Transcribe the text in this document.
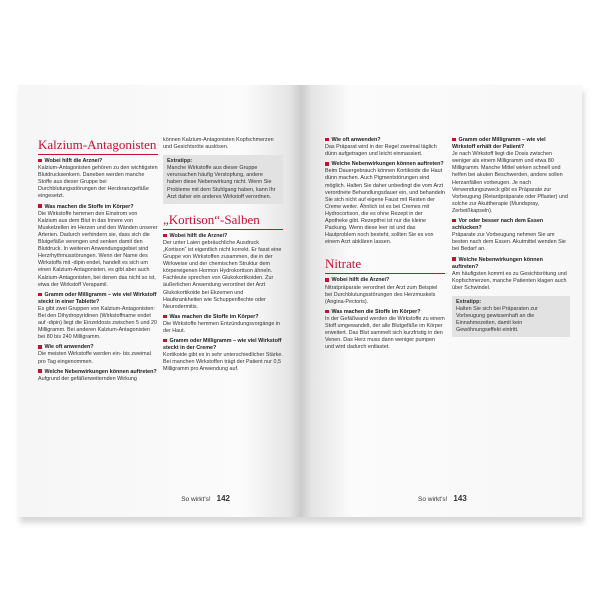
Kalzium-Antagonisten
Wobei hilft die Arznei?

Kalzium-Antagonisten gehören zu den wichtigsten Blutdrucksenkern. Daneben werden manche Stoffe aus dieser Gruppe bei Durchblutungsstörungen der Herzkranzgefäße eingesetzt.

Was machen die Stoffe im Körper?

Die Wirkstoffe hemmen den Einstrom von Kalzium aus dem Blut in das Innere von Muskelzellen im Herzen und den Wänden unserer Arterien. Dadurch verhindern sie, dass sich die Blutgefäße verengen und senken damit den Blutdruck. In weiteren Anwendungsgebiet sind Herzrhythmusstörungen. Wenn der Name des Wirkstoffs mit -dipin endet, handelt es sich um einen Kalzium-Antagonisten, es gibt aber auch Kalzium-Antagonisten, bei denen das nicht so ist, etwa der Wirkstoff Verapamil.

Gramm oder Milligramm – wie viel Wirkstoff steckt in einer Tablette?

Es gibt zwei Gruppen von Kalzium-Antagonisten: Bei den Dihydropyridinen (Wirkstoffname endet auf -dipin) liegt die Einzeldosis zwischen 5 und 20 Milligramm. Bei anderen Kalzium-Antagonisten bei 80 bis 240 Milligramm.

Wie oft anwenden?

Die meisten Wirkstoffe werden ein- bis zweimal pro Tag eingenommen.

Welche Nebenwirkungen können auftreten?

Aufgrund der gefäßerweiternden Wirkung

können Kalzium-Antagonisten Kopfschmerzen und Gesichtsröte auslösen.

Extratipp:
Manche Wirkstoffe aus dieser Gruppe verursachen häufig Verstopfung, andere haben diese Nebenwirkung nicht. Wenn Sie Probleme mit dem Stuhlgang haben, kann Ihr Arzt daher ein anderes Wirkstoff verordnen.
„Kortison“-Salben
Wobei hilft die Arznei?

Der unter Laien gebräuchliche Ausdruck „Kortison“ ist eigentlich nicht korrekt. Er fasst eine Gruppe von Wirkstoffen zusammen, die in der Wirkweise und der chemischen Struktur dem körpereigenen Hormon Hydrokortison ähneln. Fachleute sprechen von Glukokortikoiden. Zur äußerlichen Anwendung verordnet der Arzt Glukokortikoide bei Ekzemen und Hautkrankheiten wie Schuppenflechte oder Neurodermitis.

Was machen die Stoffe im Körper?

Die Wirkstoffe hemmen Entzündungsvorgänge in der Haut.

Gramm oder Milligramm – wie viel Wirkstoff steckt in der Creme?

Kortikoide gibt es in sehr unterschiedlicher Stärke. Bei manchen Wirkstoffen trägt der Patient nur 0,5 Milligramm pro Anwendung auf.

So wirkt's! 142
Wie oft anwenden?

Das Präparat wird in der Regel zweimal täglich dünn aufgetragen und leicht einmassiert.

Welche Nebenwirkungen können auftreten?

Beim Dauergebrauch können Kortikoide die Haut dünn machen. Auch Pigmentstörungen sind möglich. Halten Sie daher unbedingt die vom Arzt verordnete Behandlungsdauer ein, und behandeln Sie sich nicht auf eigene Faust mit Resten der Creme weiter. Ähnlich ist es bei Cremes mit Hydrocortison, die es ohne Rezept in der Apotheke gibt. Rezeptfrei ist nur die kleine Packung. Wenn diese leer ist und das Hautproblem noch besteht, sollten Sie es von einem Arzt abklären lassen.

Nitrate
Wobei hilft die Arznei?

Nitratpräparate verordnet der Arzt zum Beispiel bei Durchblutungsstörungen des Herzmuskels (Angina-Pectoris).

Was machen die Stoffe im Körper?

In der Gefäßwand werden die Wirkstoffe zu einem Stoff umgewandelt, der alle Blutgefäße im Körper erweitert. Das Blut sammelt sich kurzfristig in den Venen. Das Herz muss dann weniger pumpen und wird dadurch entlastet.

Gramm oder Milligramm – wie viel Wirkstoff erhält der Patient?

Je nach Wirkstoff liegt die Dosis zwischen weniger als einem Milligramm und etwa 80 Milligramm. Manche Mittel wirken schnell und helfen bei akuten Beschwerden, andere sollen Herzanfällen vorbeugen. Je nach Verwendungszweck gibt es Präparate zur Vorbeugung (Retardpräparate oder Pflaster) und solche zur Akuttherapie (Mundspray, Zerbeißkapseln).

Vor oder besser nach dem Essen schlucken?

Präparate zur Vorbeugung nehmen Sie am besten nach dem Essen. Akutmittel wenden Sie bei Bedarf an.

Welche Nebenwirkungen können auftreten?

Am häufigsten kommt es zu Gesichtsrötung und Kopfschmerzen, manche Patienten klagen auch über Schwindel.

Extratipp:
Halten Sie sich bei Präparaten zur Vorbeugung gewissenhaft an die Einnahmezeiten, damit kein Gewöhnungseffekt eintritt.
So wirkt's! 143
